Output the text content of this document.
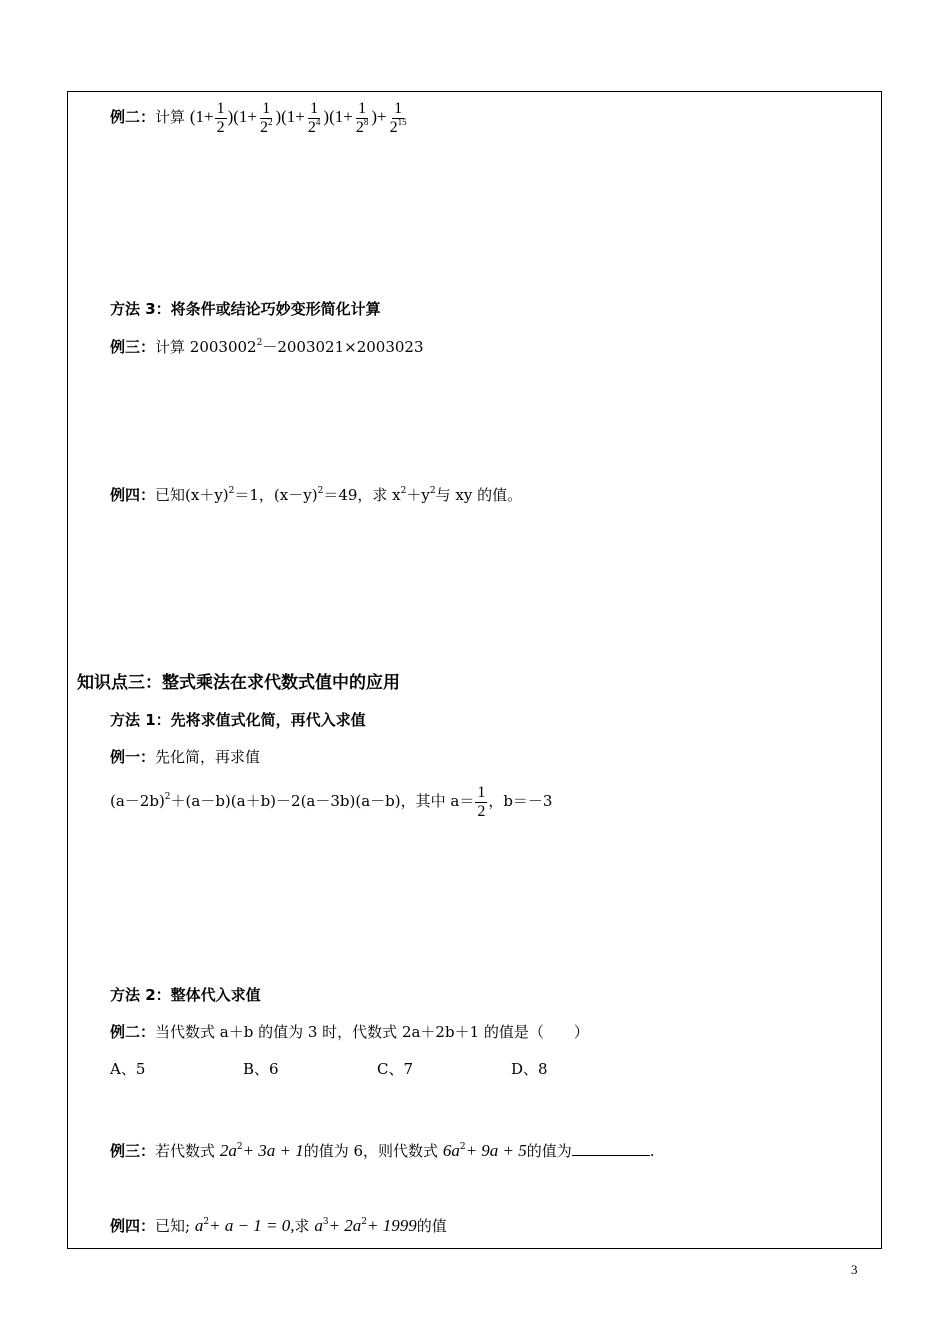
例二：计算 $(1+ \frac{1}{2} )(1+ \frac{1}{2^2} )(1+ \frac{1}{2^4} )(1+ \frac{1}{2^8}$ )+ $\frac{1}{2^{15}}$
方法 3：将条件或结论巧妙变形简化计算
例三：计算 $2003002^2-2003021\times 2003023$
例四：已知$(x+y)^2=1$，$(x-y)^2=49$，求 $x^2+y^2$与 xy 的值。
知识点三：整式乘法在求代数式值中的应用
方法 1：先将求值式化简，再代入求值
例一：先化简，再求值
$(a-2b)^2+(a-b)(a+b)-2(a-3b)(a-b)$，其中 $a= \frac{1}{2}$ ，b＝－3
方法 2：整体代入求值
例二：当代数式 a＋b 的值为 3 时，代数式 2a＋2b＋1 的值是（　　）
A、5	B、6	C、7	D、8
例三：若代数式 $2a^2+ 3a + 1$的值为 6，则代数式 $6a^2+ 9a + 5$的值为	.
例四：已知; $a^2+ a - 1 = 0$,求 $a^3+ 2a^2+ 1999$的值
3
